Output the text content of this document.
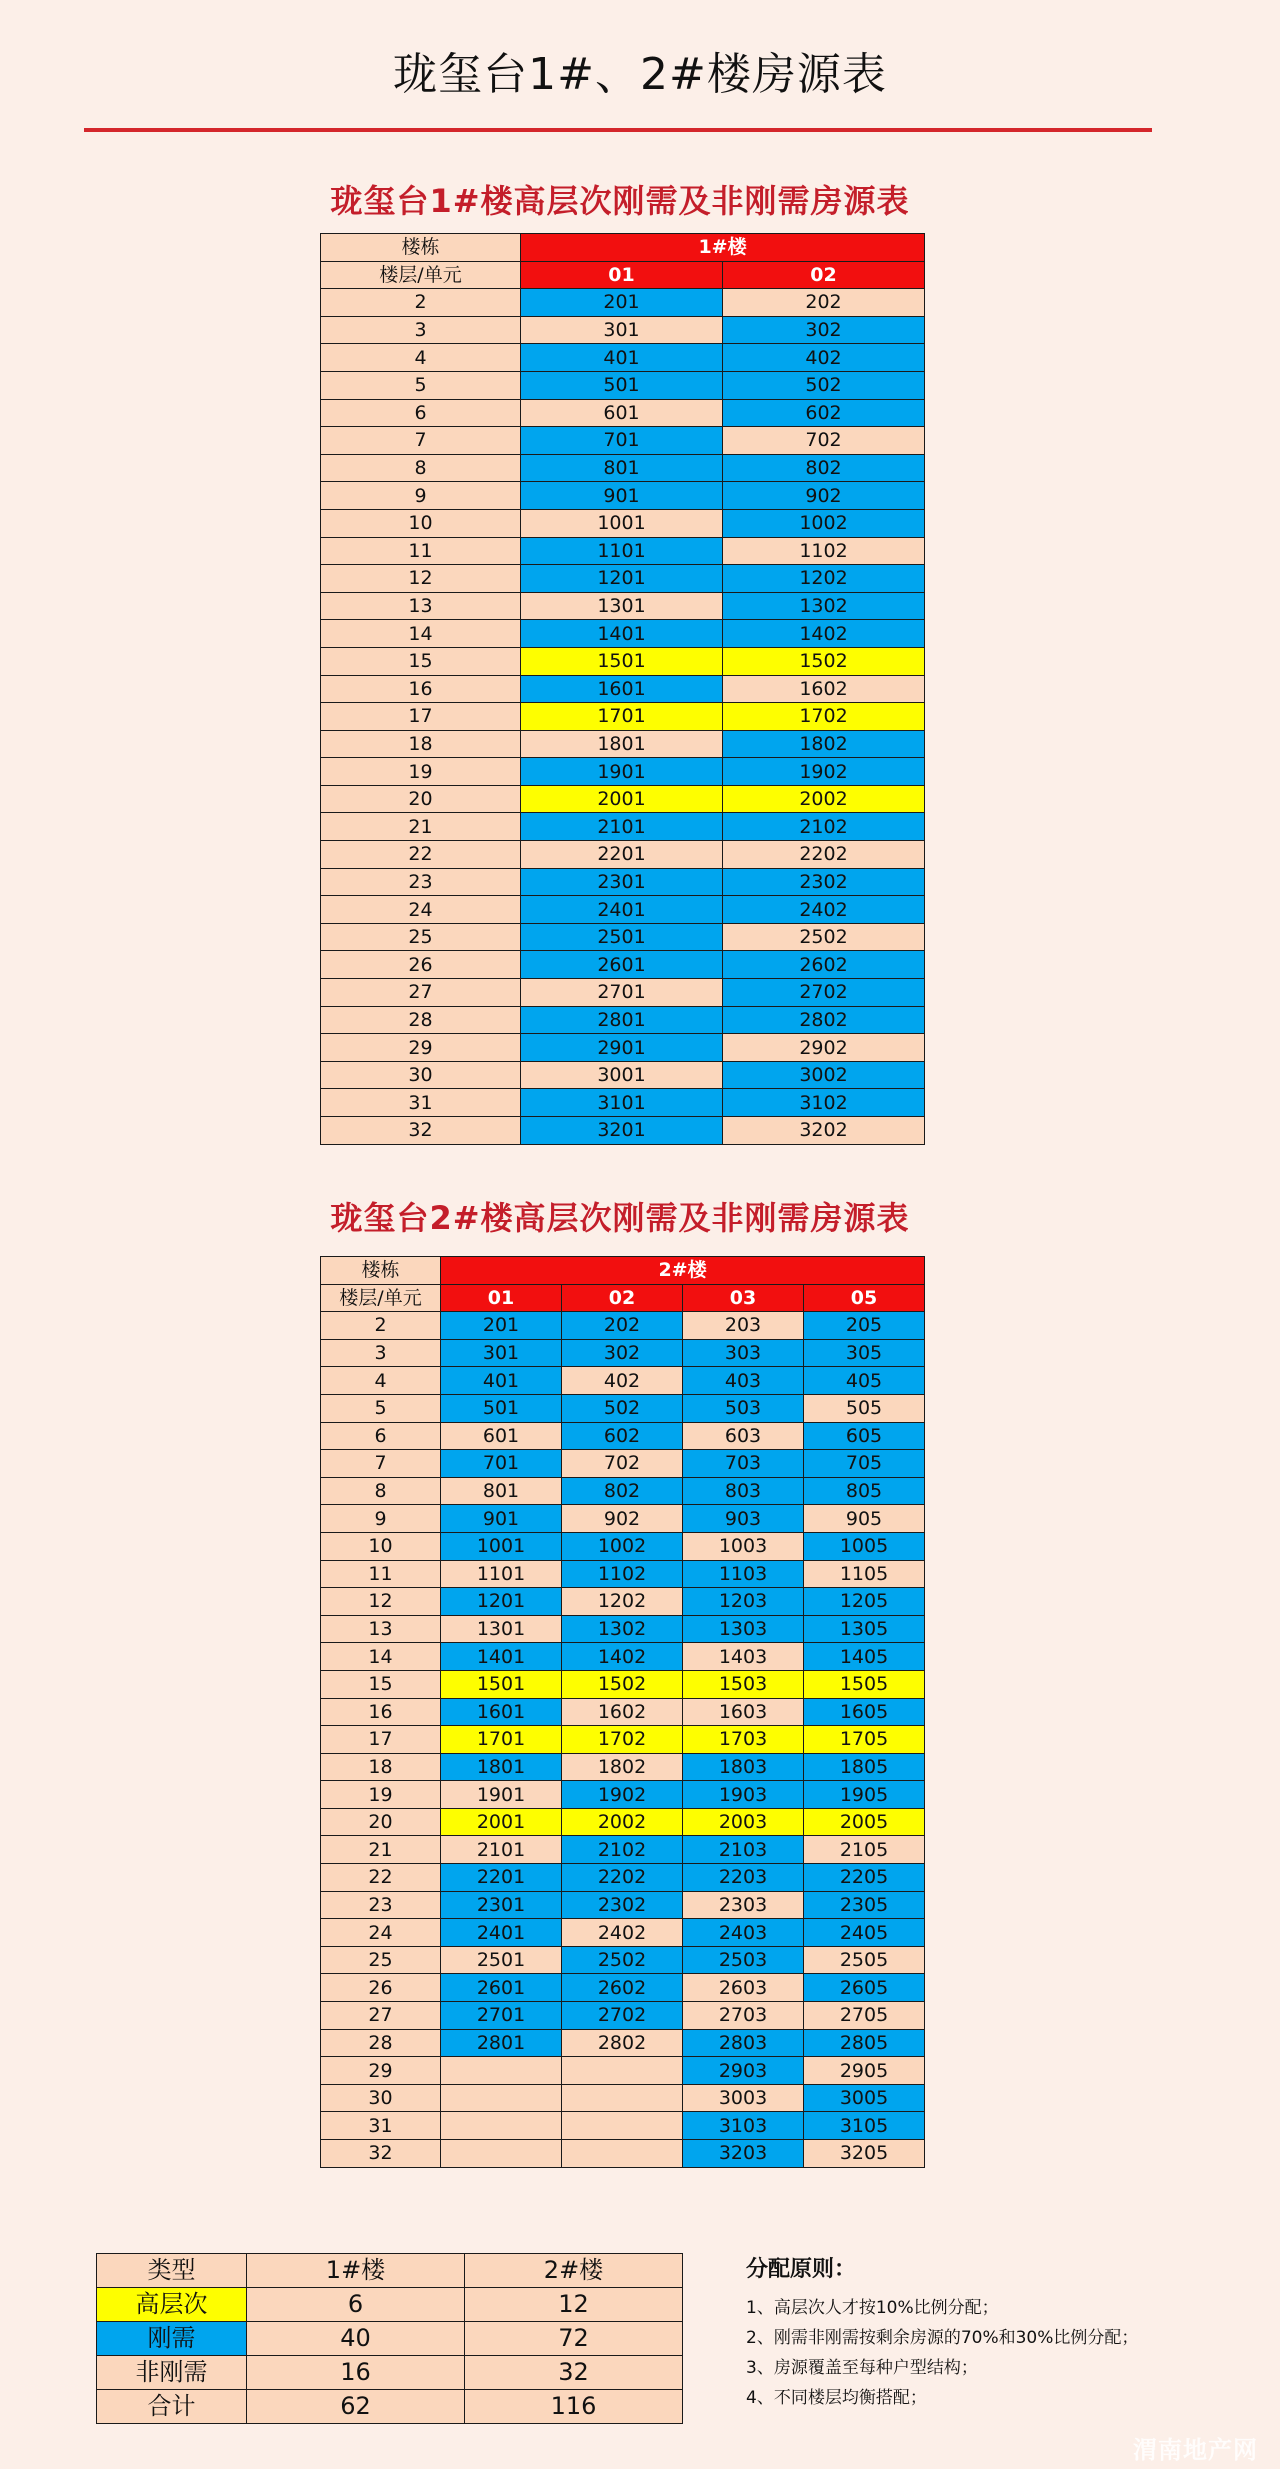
珑玺台1#、2#楼房源表
珑玺台1#楼高层次刚需及非刚需房源表
楼栋	1#楼	
楼层/单元	01	02
2	201	202
3	301	302
4	401	402
5	501	502
6	601	602
7	701	702
8	801	802
9	901	902
10	1001	1002
11	1101	1102
12	1201	1202
13	1301	1302
14	1401	1402
15	1501	1502
16	1601	1602
17	1701	1702
18	1801	1802
19	1901	1902
20	2001	2002
21	2101	2102
22	2201	2202
23	2301	2302
24	2401	2402
25	2501	2502
26	2601	2602
27	2701	2702
28	2801	2802
29	2901	2902
30	3001	3002
31	3101	3102
32	3201	3202
珑玺台2#楼高层次刚需及非刚需房源表
楼栋	2#楼			
楼层/单元	01	02	03	05
2	201	202	203	205
3	301	302	303	305
4	401	402	403	405
5	501	502	503	505
6	601	602	603	605
7	701	702	703	705
8	801	802	803	805
9	901	902	903	905
10	1001	1002	1003	1005
11	1101	1102	1103	1105
12	1201	1202	1203	1205
13	1301	1302	1303	1305
14	1401	1402	1403	1405
15	1501	1502	1503	1505
16	1601	1602	1603	1605
17	1701	1702	1703	1705
18	1801	1802	1803	1805
19	1901	1902	1903	1905
20	2001	2002	2003	2005
21	2101	2102	2103	2105
22	2201	2202	2203	2205
23	2301	2302	2303	2305
24	2401	2402	2403	2405
25	2501	2502	2503	2505
26	2601	2602	2603	2605
27	2701	2702	2703	2705
28	2801	2802	2803	2805
29			2903	2905
30			3003	3005
31			3103	3105
32			3203	3205
类型	1#楼	2#楼
高层次	6	12
刚需	40	72
非刚需	16	32
合计	62	116
分配原则：
1、高层次人才按10%比例分配；
2、刚需非刚需按剩余房源的70%和30%比例分配；
3、房源覆盖至每种户型结构；
4、不同楼层均衡搭配；
渭南地产网
